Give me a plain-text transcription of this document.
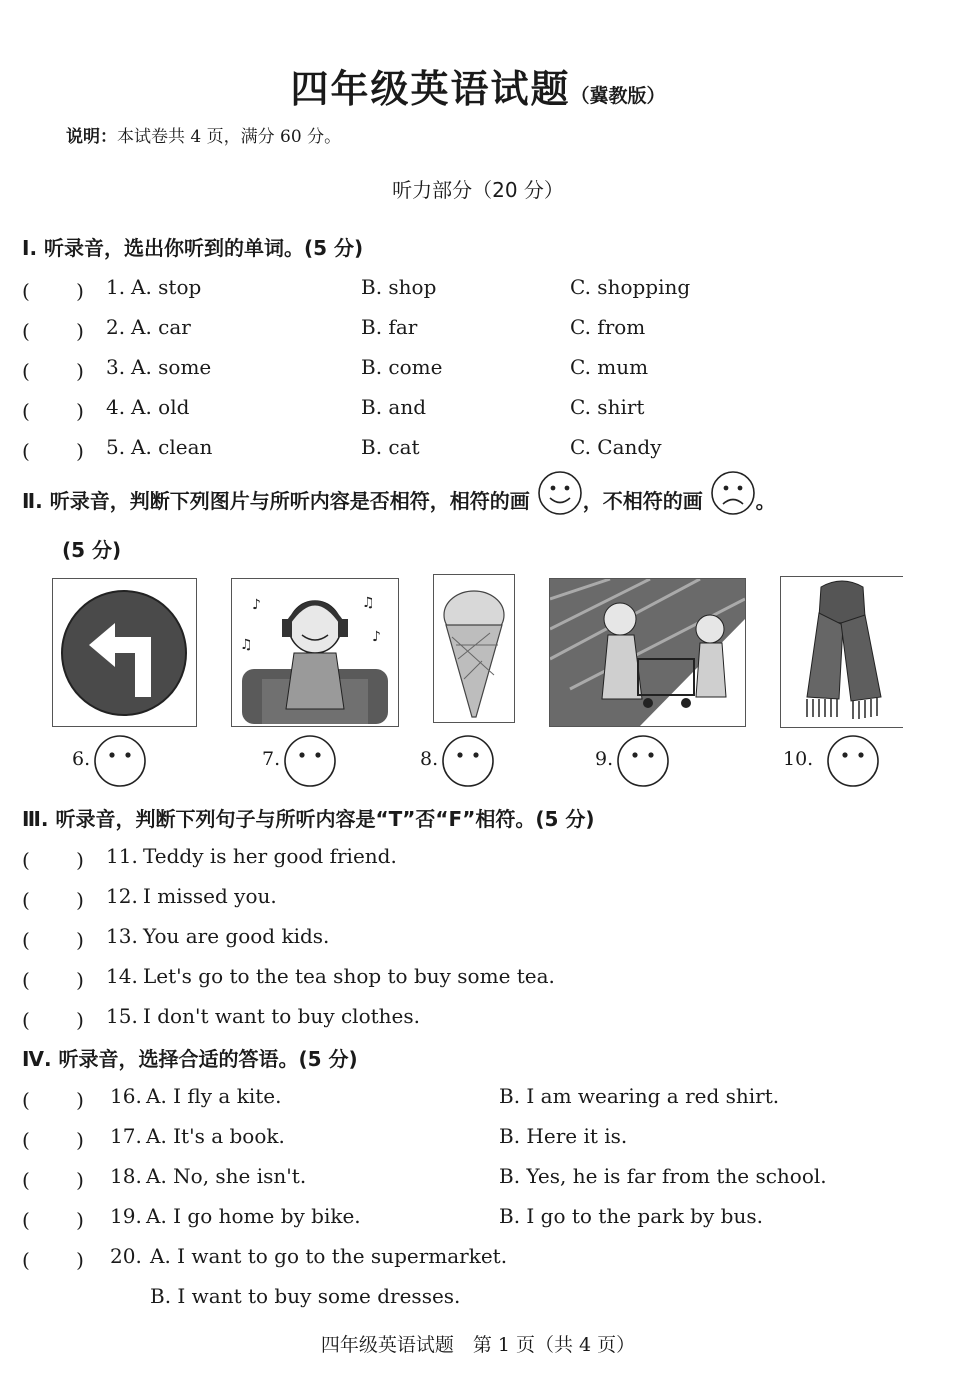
四年级英语试题（冀教版）
说明：本试卷共 4 页，满分 60 分。
听力部分（20 分）
Ⅰ. 听录音，选出你听到的单词。(5 分)
(　　 ) 1. A. stop	B. shop	C. shopping
(　　 ) 2. A. car	B. far	C. from
(　　 ) 3. A. some	B. come	C. mum
(　　 ) 4. A. old	B. and	C. shirt
(　　 ) 5. A. clean	B. cat	C. Candy
Ⅱ. 听录音，判断下列图片与所听内容是否相符，相符的画	，不相符的画	。
(5 分)
♪	♫
♫	♪
6.	7.	8.	9.	10.
Ⅲ. 听录音，判断下列句子与所听内容是“T”否“F”相符。(5 分)
(　　 ) 11. Teddy is her good friend.
(　　 ) 12. I missed you.
(　　 ) 13. You are good kids.
(　　 ) 14. Let's go to the tea shop to buy some tea.
(　　 ) 15. I don't want to buy clothes.
Ⅳ. 听录音，选择合适的答语。(5 分)
(　　 ) 16. A. I fly a kite.	B. I am wearing a red shirt.
(　　 ) 17. A. It's a book.	B. Here it is.
(　　 ) 18. A. No, she isn't.	B. Yes, he is far from the school.
(　　 ) 19. A. I go home by bike.	B. I go to the park by bus.
(　　 ) 20. A. I want to go to the supermarket.
B. I want to buy some dresses.
四年级英语试题　第 1 页（共 4 页）
